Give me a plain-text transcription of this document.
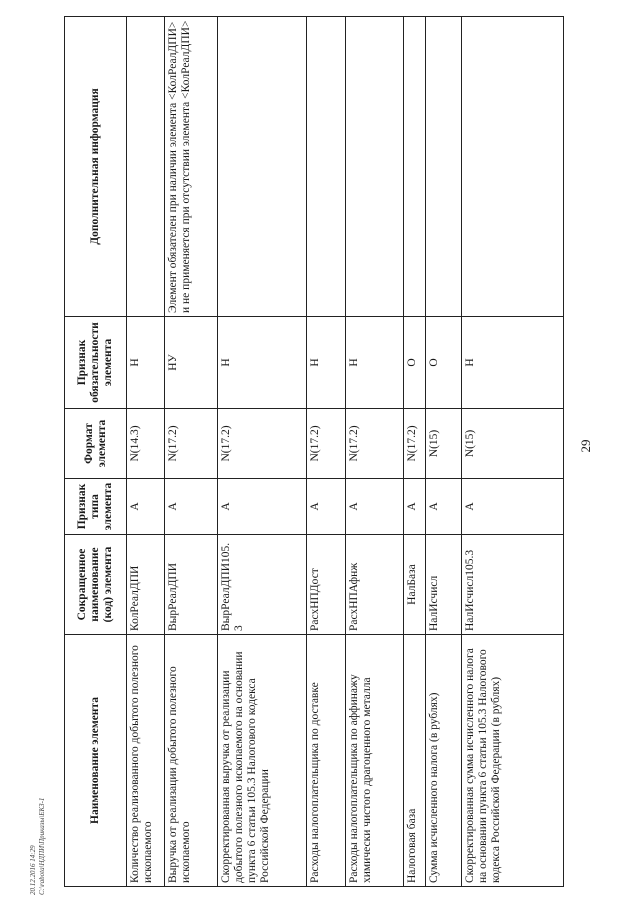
29
20.12.2016 14:29 C:\rabota\НДПИ\Приказы\ЕКЗ-1
Наименование элемента	Сокращенное наименование (код) элемента	Признак типа элемента	Формат элемента	Признак обязательности элемента	Дополнительная информация
Количество реализованного добытого полезного ископаемого	КолРеалДПИ	А	N(14.3)	Н	
Выручка от реализации добытого полезного ископаемого	ВырРеалДПИ	А	N(17.2)	НУ	Элемент обязателен при наличии элемента <КолРеалДПИ> и не применяется при отсутствии элемента <КолРеалДПИ>
Скорректированная выручка от реализации добытого полезного ископаемого на основании пункта 6 статьи 105.3 Налогового кодекса Российской Федерации	ВырРеалДПИ105.3	А	N(17.2)	Н	
Расходы налогоплательщика по доставке	РасхНПДост	А	N(17.2)	Н	
Расходы налогоплательщика по аффинажу химически чистого драгоценного металла	РасхНПАфнж	А	N(17.2)	Н	
Налоговая база	НалБаза	А	N(17.2)	О	
Сумма исчисленного налога (в рублях)	НалИсчисл	А	N(15)	О	
Скорректированная сумма исчисленного налога на основании пункта 6 статьи 105.3 Налогового кодекса Российской Федерации (в рублях)	НалИсчисл105.3	А	N(15)	Н	
